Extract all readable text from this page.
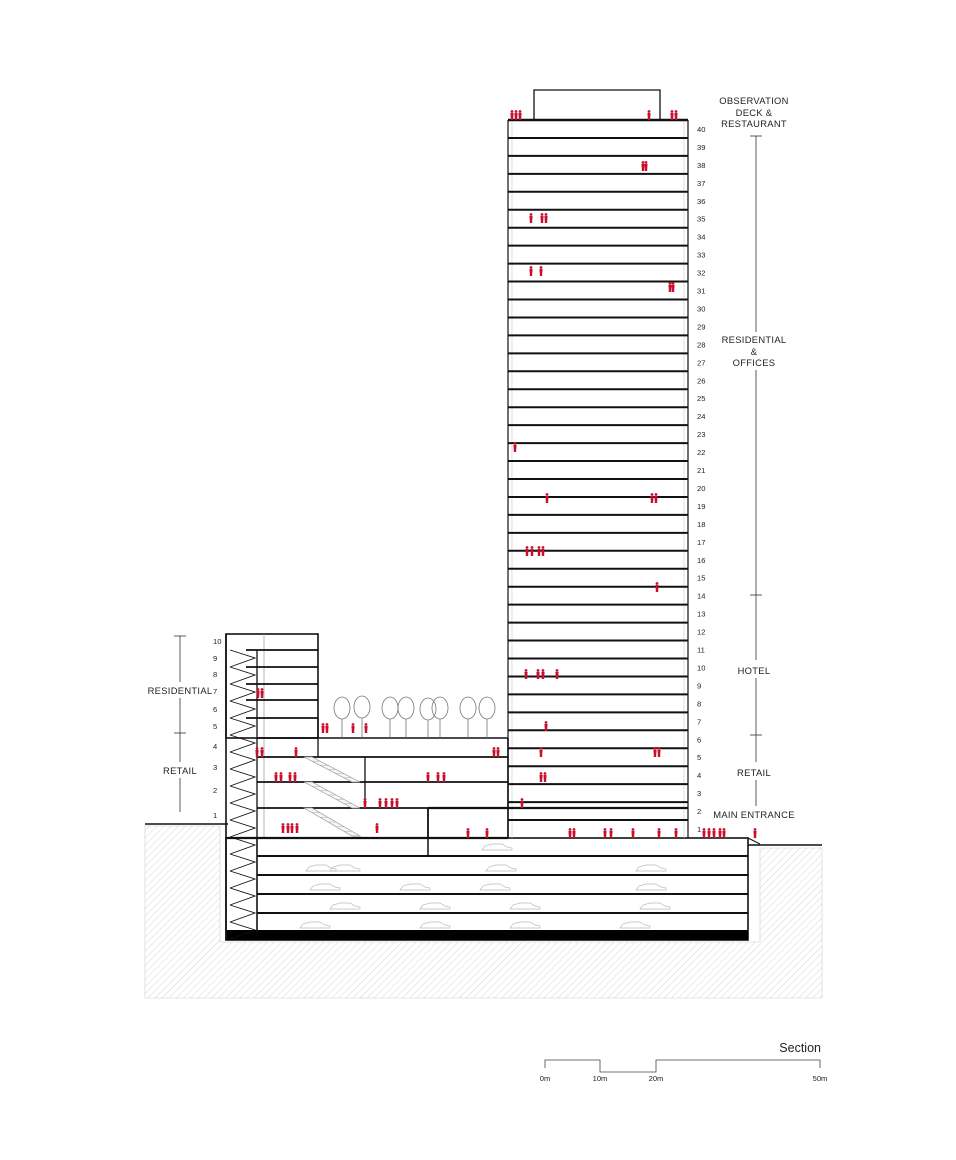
1
2
3
4
5
6
7
8
9
10
11
12
13
14
15
16
17
18
19
20
21
22
23
24
25
26
27
28
29
30
31
32
33
34
35
36
37
38
39
40
1
2
3
4
5
6
7
8
9
10
OBSERVATION
DECK &
RESTAURANT
RESIDENTIAL
&
OFFICES
HOTEL
RETAIL
MAIN ENTRANCE
RESIDENTIAL
RETAIL
Section
0m	10m	20m	50m
